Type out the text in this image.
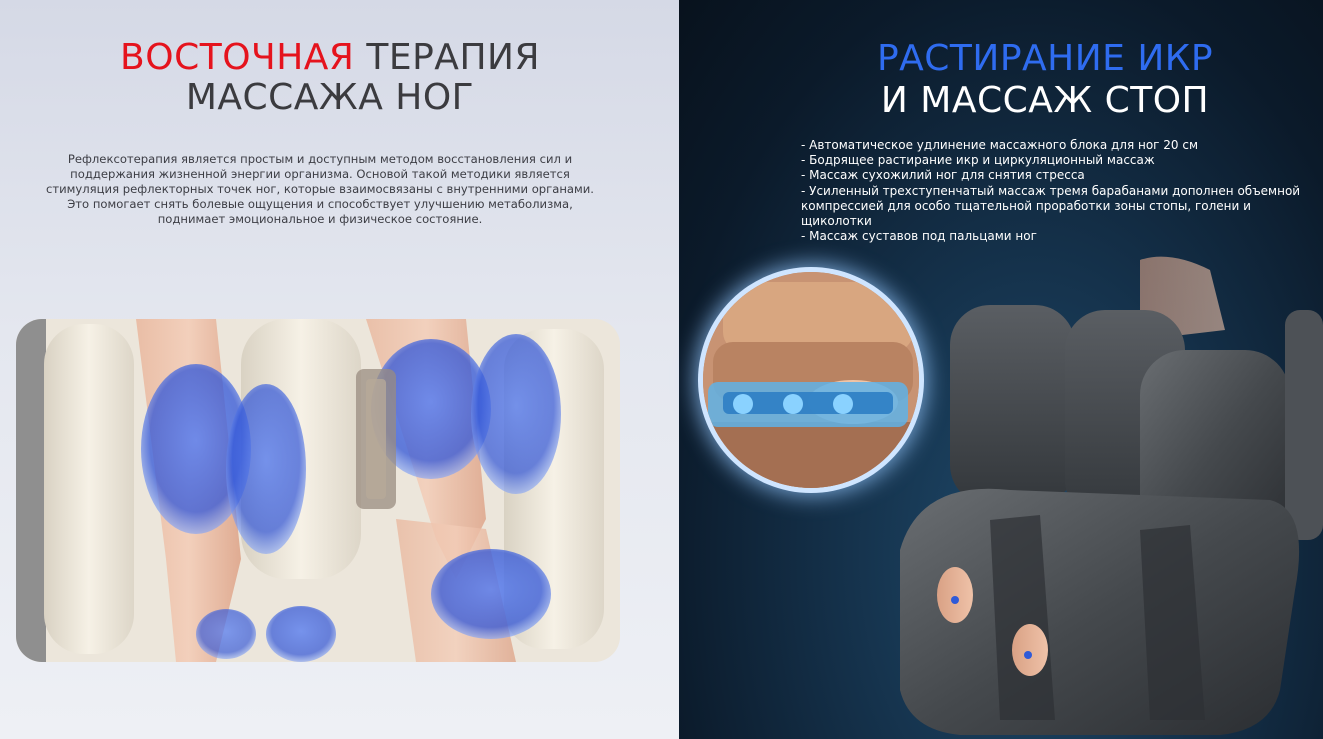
ВОСТОЧНАЯ ТЕРАПИЯ
МАССАЖА НОГ
Рефлексотерапия является простым и доступным методом восстановления сил и
поддержания жизненной энергии организма. Основой такой методики является
стимуляция рефлекторных точек ног, которые взаимосвязаны с внутренними органами.
Это помогает снять болевые ощущения и способствует улучшению метаболизма,
поднимает эмоциональное и физическое состояние.
РАСТИРАНИЕ ИКР
И МАССАЖ СТОП
- Автоматическое удлинение массажного блока для ног 20 см
- Бодрящее растирание икр и циркуляционный массаж
- Массаж сухожилий ног для снятия стресса
- Усиленный трехступенчатый массаж тремя барабанами дополнен объемной
компрессией для особо тщательной проработки зоны стопы, голени и
щиколотки
- Массаж суставов под пальцами ног
